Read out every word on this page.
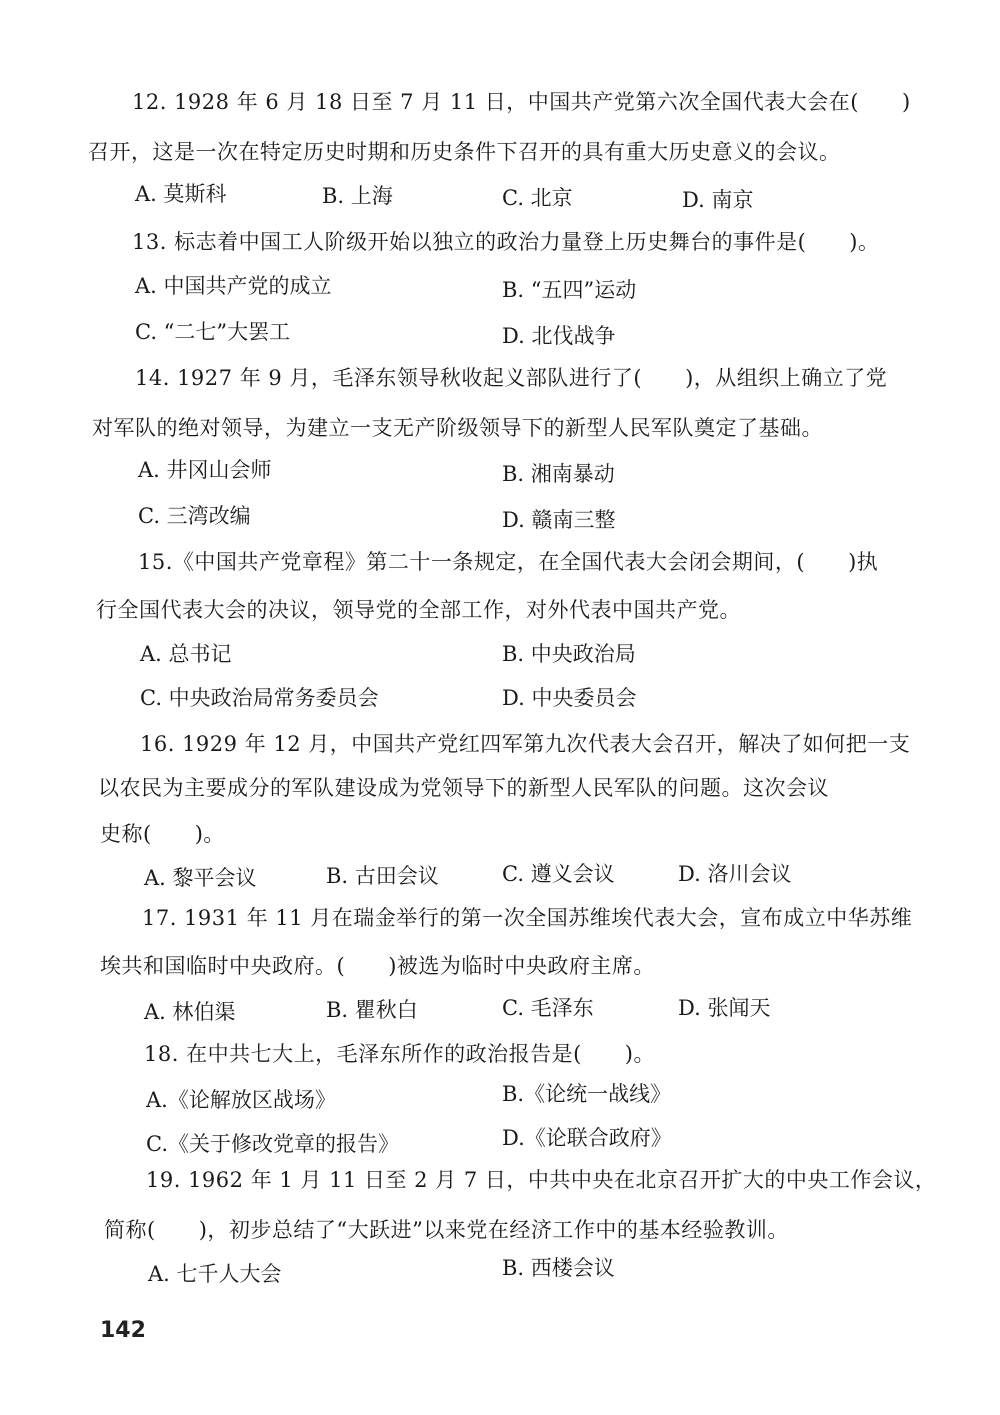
12. 1928 年 6 月 18 日至 7 月 11 日，中国共产党第六次全国代表大会在(　　)
召开，这是一次在特定历史时期和历史条件下召开的具有重大历史意义的会议。
A. 莫斯科	B. 上海	C. 北京	D. 南京
13. 标志着中国工人阶级开始以独立的政治力量登上历史舞台的事件是(　　)。
A. 中国共产党的成立	B. “五四”运动
C. “二七”大罢工	D. 北伐战争
14. 1927 年 9 月，毛泽东领导秋收起义部队进行了(　　)，从组织上确立了党
对军队的绝对领导，为建立一支无产阶级领导下的新型人民军队奠定了基础。
A. 井冈山会师	B. 湘南暴动
C. 三湾改编	D. 赣南三整
15.《中国共产党章程》第二十一条规定，在全国代表大会闭会期间，(　　)执
行全国代表大会的决议，领导党的全部工作，对外代表中国共产党。
A. 总书记	B. 中央政治局
C. 中央政治局常务委员会	D. 中央委员会
16. 1929 年 12 月，中国共产党红四军第九次代表大会召开，解决了如何把一支
以农民为主要成分的军队建设成为党领导下的新型人民军队的问题。这次会议
史称(　　)。
A. 黎平会议	B. 古田会议	C. 遵义会议	D. 洛川会议
17. 1931 年 11 月在瑞金举行的第一次全国苏维埃代表大会，宣布成立中华苏维
埃共和国临时中央政府。(　　)被选为临时中央政府主席。
A. 林伯渠	B. 瞿秋白	C. 毛泽东	D. 张闻天
18. 在中共七大上，毛泽东所作的政治报告是(　　)。
A.《论解放区战场》	B.《论统一战线》
C.《关于修改党章的报告》	D.《论联合政府》
19. 1962 年 1 月 11 日至 2 月 7 日，中共中央在北京召开扩大的中央工作会议，
简称(　　)，初步总结了“大跃进”以来党在经济工作中的基本经验教训。
A. 七千人大会	B. 西楼会议
142
